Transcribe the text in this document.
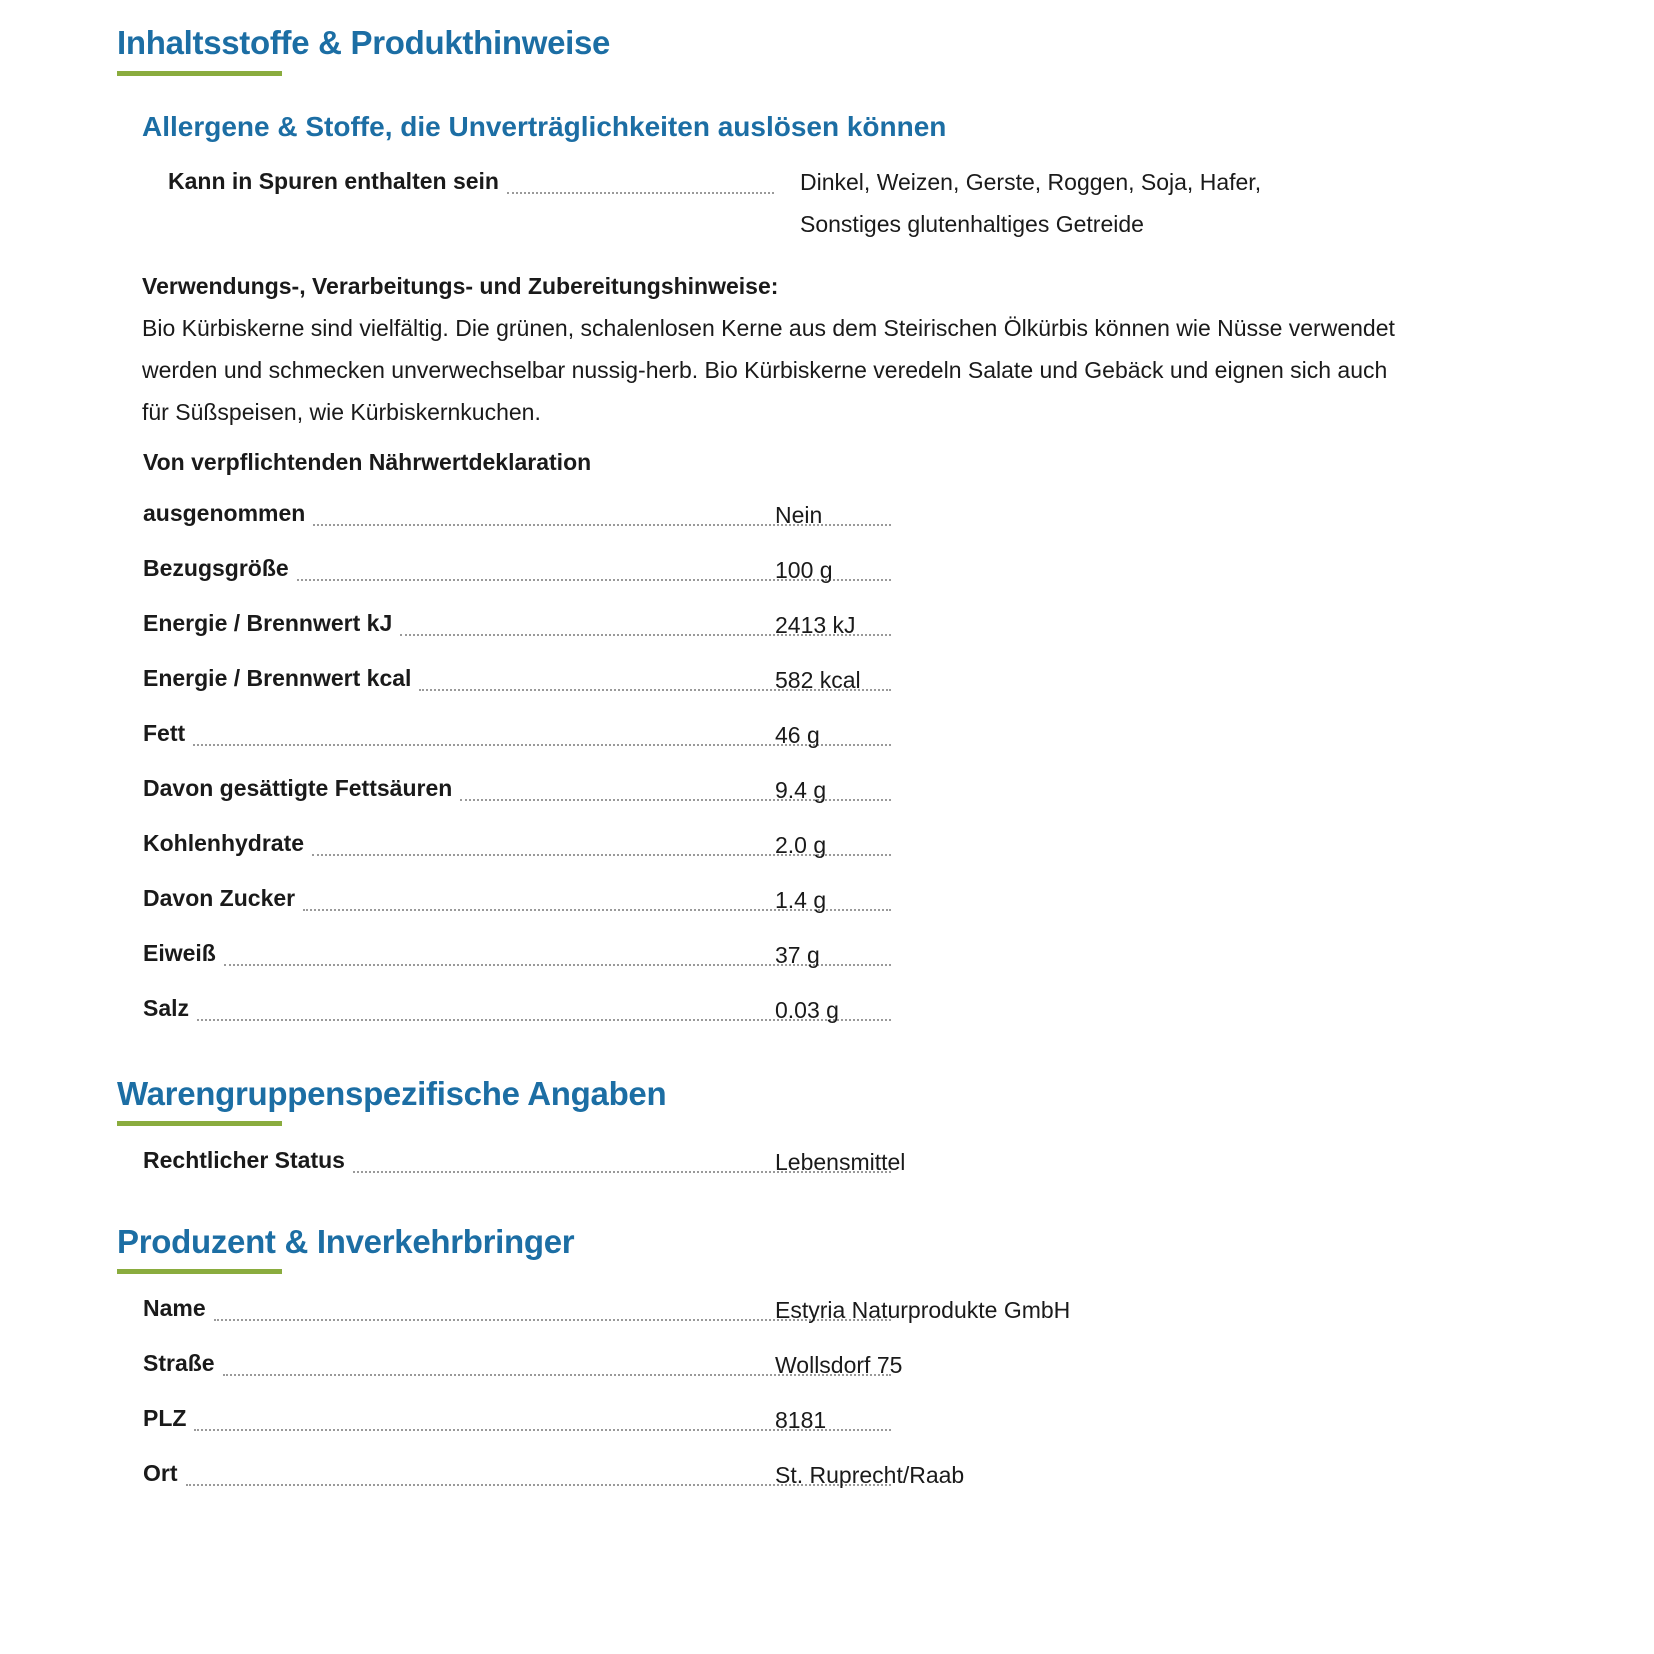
Inhaltsstoffe & Produkthinweise
Allergene & Stoffe, die Unverträglichkeiten auslösen können
Kann in Spuren enthalten sein	Dinkel, Weizen, Gerste, Roggen, Soja, Hafer,
Sonstiges glutenhaltiges Getreide
Verwendungs-, Verarbeitungs- und Zubereitungshinweise:

Bio Kürbiskerne sind vielfältig. Die grünen, schalenlosen Kerne aus dem Steirischen Ölkürbis können wie Nüsse verwendet werden und schmecken unverwechselbar nussig-herb. Bio Kürbiskerne veredeln Salate und Gebäck und eignen sich auch für Süßspeisen, wie Kürbiskernkuchen.

Von verpflichtenden Nährwertdeklaration
ausgenommen	Nein
Bezugsgröße	100 g
Energie / Brennwert kJ	2413 kJ
Energie / Brennwert kcal	582 kcal
Fett	46 g
Davon gesättigte Fettsäuren	9.4 g
Kohlenhydrate	2.0 g
Davon Zucker	1.4 g
Eiweiß	37 g
Salz	0.03 g
Warengruppenspezifische Angaben
Rechtlicher Status	Lebensmittel
Produzent & Inverkehrbringer
Name	Estyria Naturprodukte GmbH
Straße	Wollsdorf 75
PLZ	8181
Ort	St. Ruprecht/Raab
